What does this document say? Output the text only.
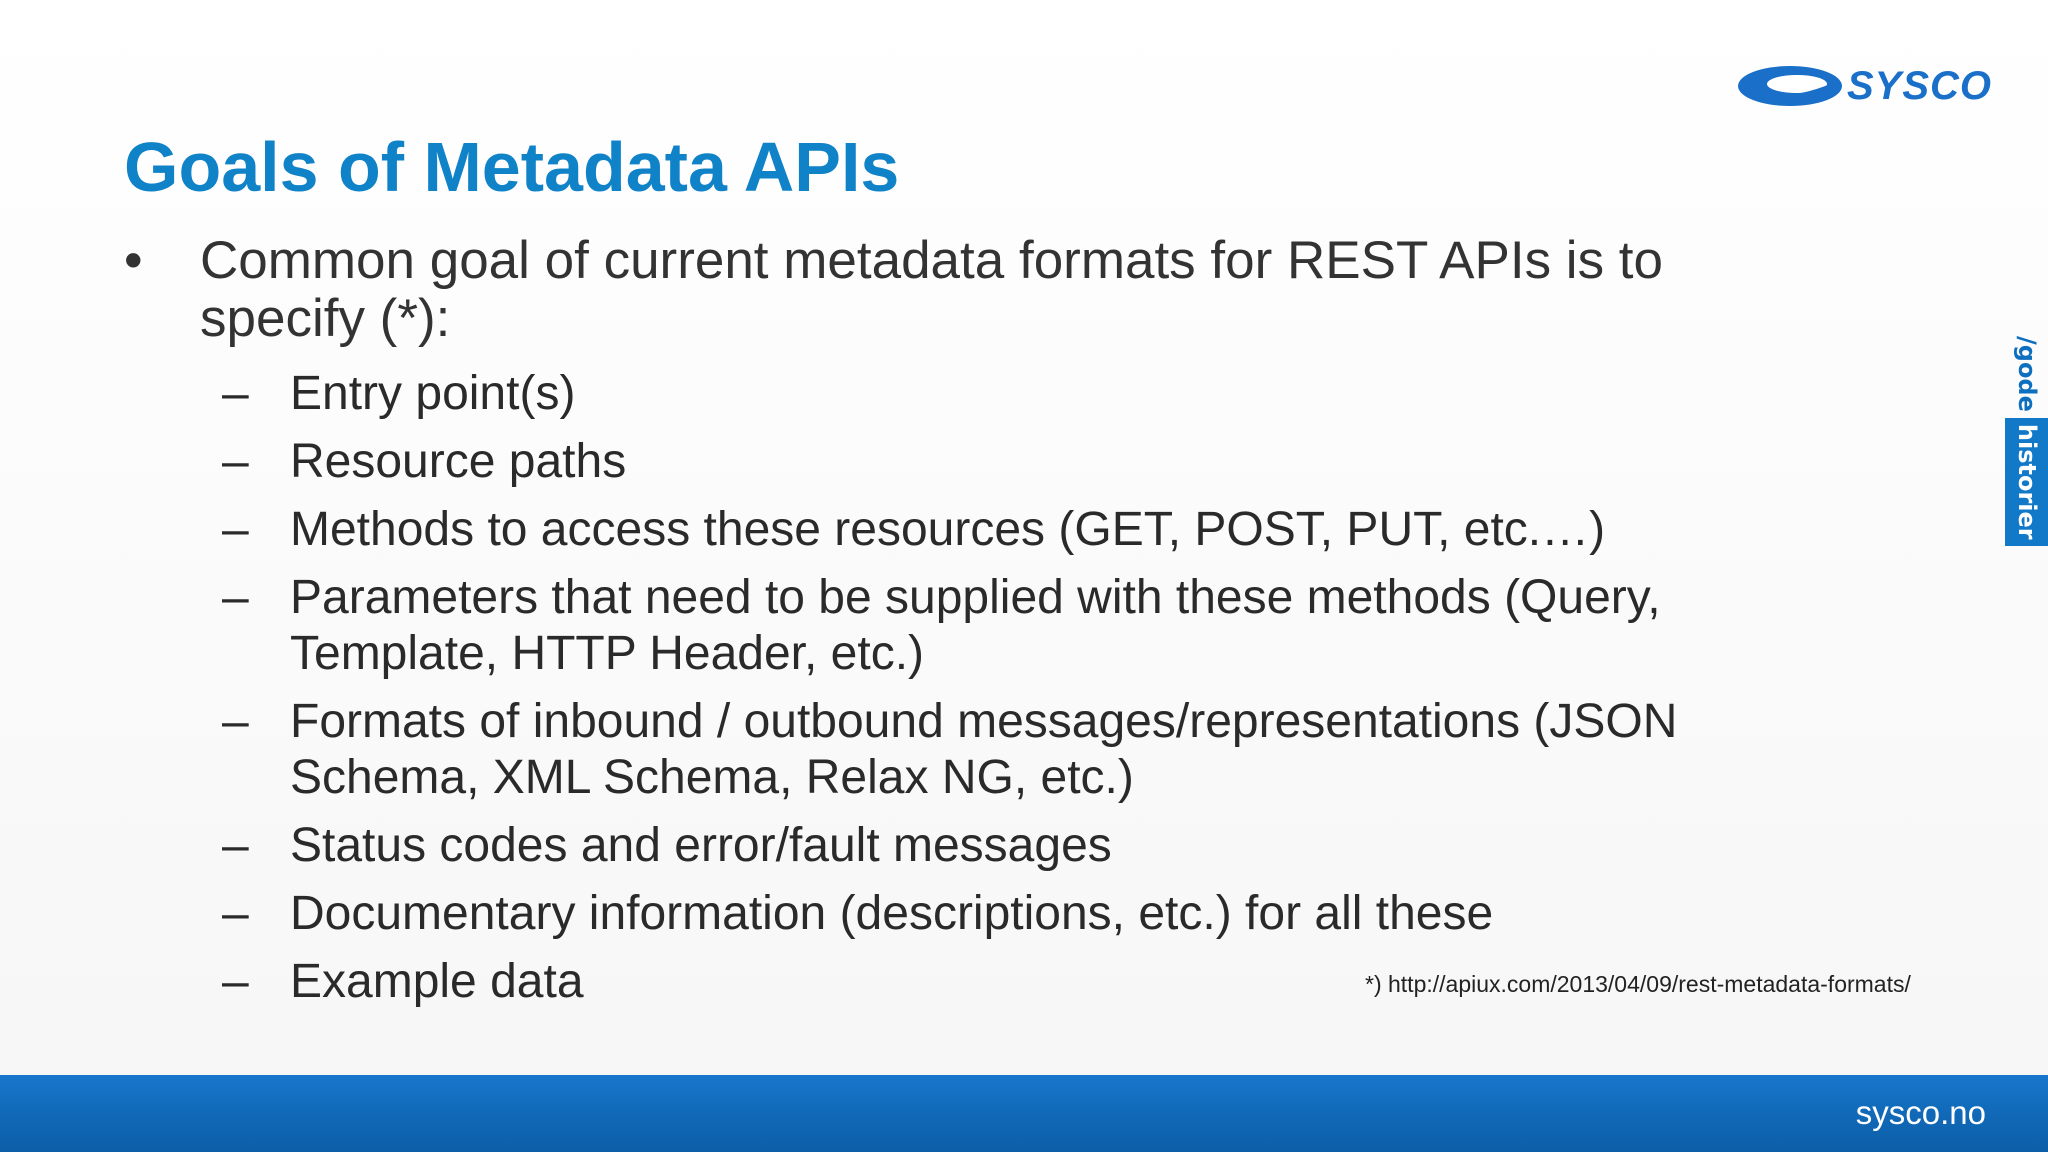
SYSCO
Goals of Metadata APIs
• Common goal of current metadata formats for REST APIs is to specify (*):
– Entry point(s)
– Resource paths
– Methods to access these resources (GET, POST, PUT, etc.…)
– Parameters that need to be supplied with these methods (Query, Template, HTTP Header, etc.)
– Formats of inbound / outbound messages/representations (JSON Schema, XML Schema, Relax NG, etc.)
– Status codes and error/fault messages
– Documentary information (descriptions, etc.) for all these
– Example data	*) http://apiux.com/2013/04/09/rest-metadata-formats/
/gode
historier
sysco.no
